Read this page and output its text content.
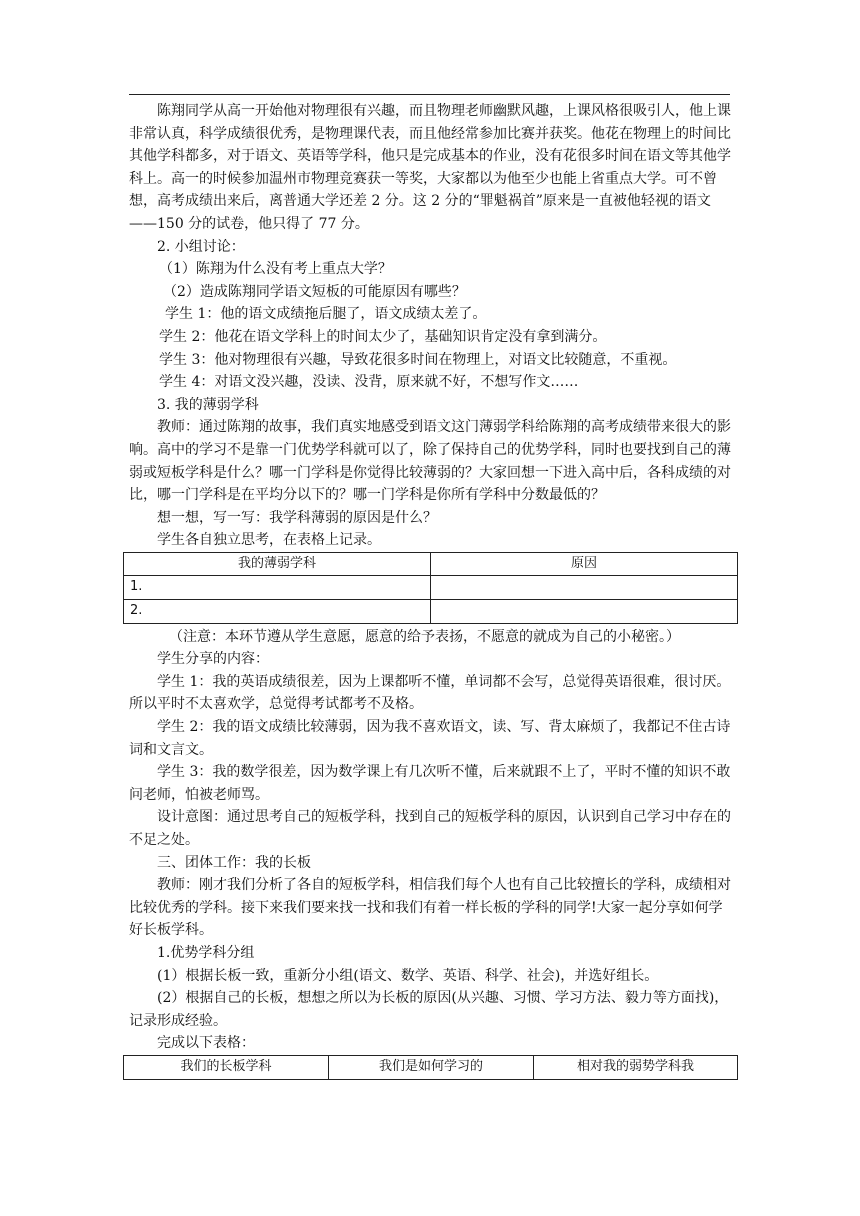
陈翔同学从高一开始他对物理很有兴趣，而且物理老师幽默风趣，上课风格很吸引人，他上课非常认真，科学成绩很优秀，是物理课代表，而且他经常参加比赛并获奖。他花在物理上的时间比其他学科都多，对于语文、英语等学科，他只是完成基本的作业，没有花很多时间在语文等其他学科上。高一的时候参加温州市物理竞赛获一等奖，大家都以为他至少也能上省重点大学。可不曾想，高考成绩出来后，离普通大学还差 2 分。这 2 分的“罪魁祸首”原来是一直被他轻视的语文——150 分的试卷，他只得了 77 分。

2. 小组讨论：

（1）陈翔为什么没有考上重点大学？

（2）造成陈翔同学语文短板的可能原因有哪些？

学生 1：他的语文成绩拖后腿了，语文成绩太差了。

学生 2：他花在语文学科上的时间太少了，基础知识肯定没有拿到满分。

学生 3：他对物理很有兴趣，导致花很多时间在物理上，对语文比较随意，不重视。

学生 4：对语文没兴趣，没读、没背，原来就不好，不想写作文……

3. 我的薄弱学科

教师：通过陈翔的故事，我们真实地感受到语文这门薄弱学科给陈翔的高考成绩带来很大的影响。高中的学习不是靠一门优势学科就可以了，除了保持自己的优势学科，同时也要找到自己的薄弱或短板学科是什么？哪一门学科是你觉得比较薄弱的？大家回想一下进入高中后，各科成绩的对比，哪一门学科是在平均分以下的？哪一门学科是你所有学科中分数最低的？

想一想，写一写：我学科薄弱的原因是什么？

学生各自独立思考，在表格上记录。

我的薄弱学科	原因
1.	
2.	

（注意：本环节遵从学生意愿，愿意的给予表扬，不愿意的就成为自己的小秘密。）

学生分享的内容：

学生 1：我的英语成绩很差，因为上课都听不懂，单词都不会写，总觉得英语很难，很讨厌。所以平时不太喜欢学，总觉得考试都考不及格。

学生 2：我的语文成绩比较薄弱，因为我不喜欢语文，读、写、背太麻烦了，我都记不住古诗词和文言文。

学生 3：我的数学很差，因为数学课上有几次听不懂，后来就跟不上了，平时不懂的知识不敢问老师，怕被老师骂。

设计意图：通过思考自己的短板学科，找到自己的短板学科的原因，认识到自己学习中存在的不足之处。

三、团体工作：我的长板

教师：刚才我们分析了各自的短板学科，相信我们每个人也有自己比较擅长的学科，成绩相对比较优秀的学科。接下来我们要来找一找和我们有着一样长板的学科的同学!大家一起分享如何学好长板学科。

1.优势学科分组

(1）根据长板一致，重新分小组(语文、数学、英语、科学、社会)，并选好组长。

(2）根据自己的长板，想想之所以为长板的原因(从兴趣、习惯、学习方法、毅力等方面找)，记录形成经验。

完成以下表格：

我们的长板学科	我们是如何学习的	相对我的弱势学科我
